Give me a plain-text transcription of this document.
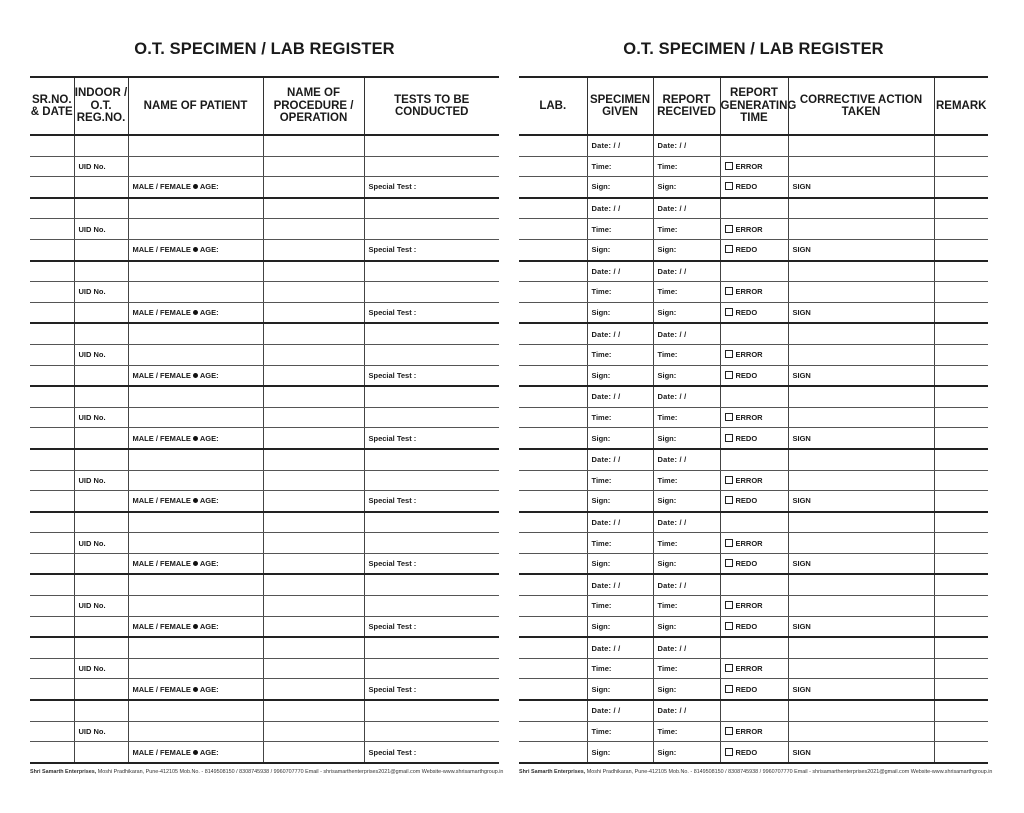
O.T. SPECIMEN / LAB REGISTER
SR.NO. & DATE	INDOOR / O.T. REG.NO.	NAME OF PATIENT	NAME OF PROCEDURE / OPERATION	TESTS TO BE CONDUCTED

	UID No.			
		MALE / FEMALE AGE:		Special Test :

	UID No.			
		MALE / FEMALE AGE:		Special Test :

	UID No.			
		MALE / FEMALE AGE:		Special Test :

	UID No.			
		MALE / FEMALE AGE:		Special Test :

	UID No.			
		MALE / FEMALE AGE:		Special Test :

	UID No.			
		MALE / FEMALE AGE:		Special Test :

	UID No.			
		MALE / FEMALE AGE:		Special Test :

	UID No.			
		MALE / FEMALE AGE:		Special Test :

	UID No.			
		MALE / FEMALE AGE:		Special Test :

	UID No.			
		MALE / FEMALE AGE:		Special Test :
Shri Samarth Enterprises, Moshi Pradhikaran, Pune-412105 Mob.No. - 8149508150 / 8308745938 / 9960707770 Email - shrisamarthenterprises2021@gmail.com Website-www.shrisamarthgroup.in
O.T. SPECIMEN / LAB REGISTER
LAB.	SPECIMEN GIVEN	REPORT RECEIVED	REPORT GENERATING TIME	CORRECTIVE ACTION TAKEN	REMARK
	Date: / /	Date: / /			
	Time:	Time:	ERROR		
	Sign:	Sign:	REDO	SIGN	
	Date: / /	Date: / /			
	Time:	Time:	ERROR		
	Sign:	Sign:	REDO	SIGN	
	Date: / /	Date: / /			
	Time:	Time:	ERROR		
	Sign:	Sign:	REDO	SIGN	
	Date: / /	Date: / /			
	Time:	Time:	ERROR		
	Sign:	Sign:	REDO	SIGN	
	Date: / /	Date: / /			
	Time:	Time:	ERROR		
	Sign:	Sign:	REDO	SIGN	
	Date: / /	Date: / /			
	Time:	Time:	ERROR		
	Sign:	Sign:	REDO	SIGN	
	Date: / /	Date: / /			
	Time:	Time:	ERROR		
	Sign:	Sign:	REDO	SIGN	
	Date: / /	Date: / /			
	Time:	Time:	ERROR		
	Sign:	Sign:	REDO	SIGN	
	Date: / /	Date: / /			
	Time:	Time:	ERROR		
	Sign:	Sign:	REDO	SIGN	
	Date: / /	Date: / /			
	Time:	Time:	ERROR		
	Sign:	Sign:	REDO	SIGN	
Shri Samarth Enterprises, Moshi Pradhikaran, Pune-412105 Mob.No. - 8149508150 / 8308745938 / 9960707770 Email - shrisamarthenterprises2021@gmail.com Website-www.shrisamarthgroup.in
